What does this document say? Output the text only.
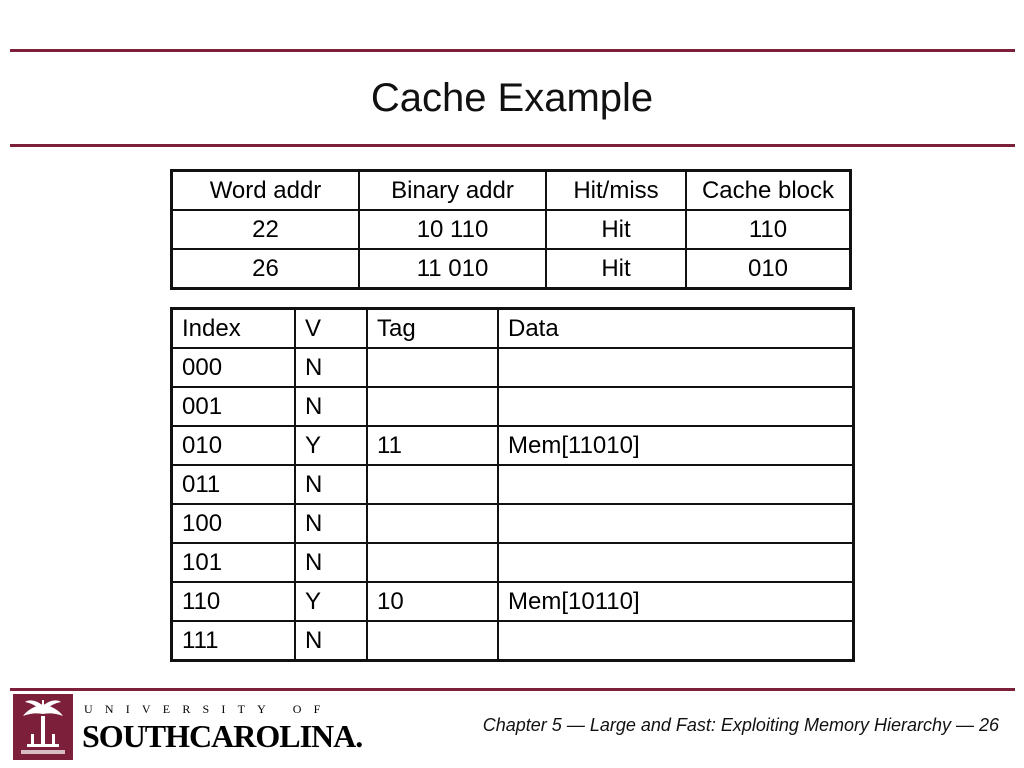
Cache Example
Word addr	Binary addr	Hit/miss	Cache block
22	10 110	Hit	110
26	11 010	Hit	010
Index	V	Tag	Data
000	N		
001	N		
010	Y	11	Mem[11010]
011	N		
100	N		
101	N		
110	Y	10	Mem[10110]
111	N		
UNIVERSITY OF
SOUTHCAROLINA.	Chapter 5 — Large and Fast: Exploiting Memory Hierarchy — 26
